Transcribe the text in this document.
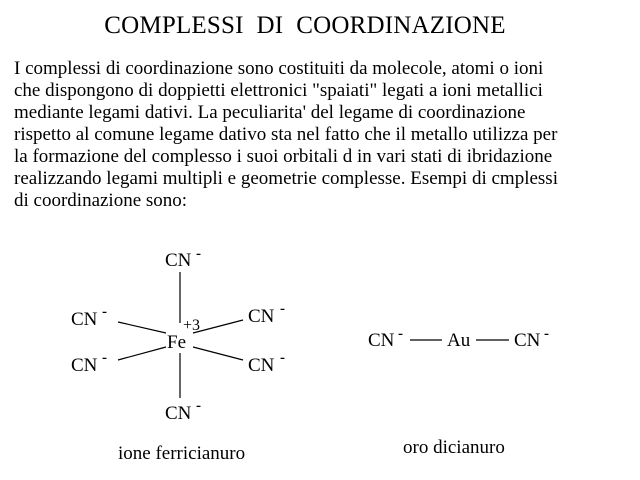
COMPLESSI  DI  COORDINAZIONE
I complessi di coordinazione sono costituiti da molecole, atomi o ioni
che dispongono di doppietti elettronici "spaiati" legati a ioni metallici
mediante legami dativi. La peculiarita' del legame di coordinazione
rispetto al comune legame dativo sta nel fatto che il metallo utilizza per
la formazione del complesso i suoi orbitali d in vari stati di ibridazione
realizzando legami multipli e geometrie complesse. Esempi di cmplessi
di coordinazione sono:
Fe
+3
CN -
CN -
CN -
CN -
CN -
CN -
ione ferricianuro
CN - Au CN -
oro dicianuro
